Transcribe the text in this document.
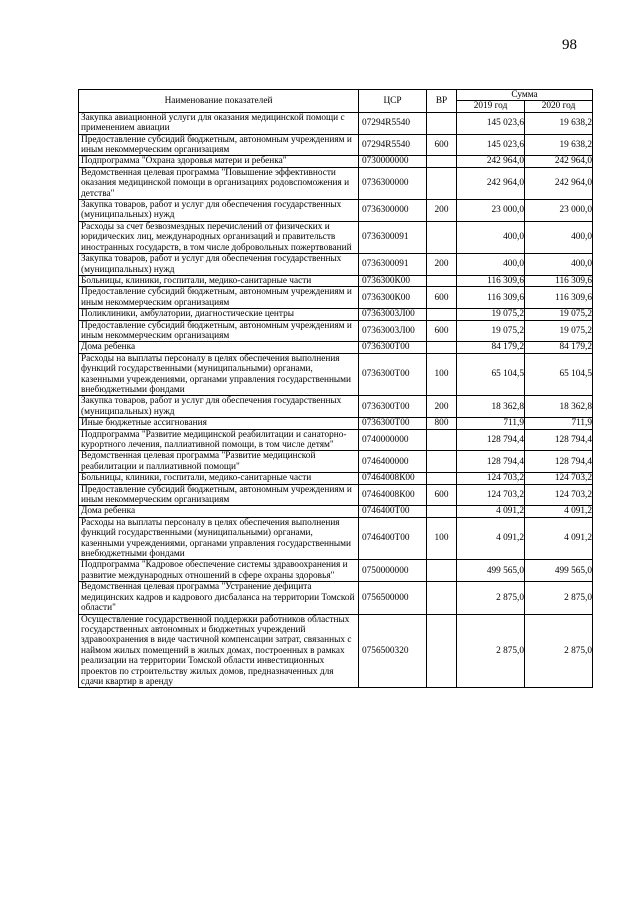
98
Наименование показателей	ЦСР	ВР	Сумма	
			2019 год	2020 год
Закупка авиационной услуги для оказания медицинской помощи с применением авиации	07294R5540		145 023,6	19 638,2
Предоставление субсидий бюджетным, автономным учреждениям и иным некоммерческим организациям	07294R5540	600	145 023,6	19 638,2
Подпрограмма "Охрана здоровья матери и ребенка"	0730000000		242 964,0	242 964,0
Ведомственная целевая программа "Повышение эффективности оказания медицинской помощи в организациях родовспоможения и детства"	0736300000		242 964,0	242 964,0
Закупка товаров, работ и услуг для обеспечения государственных (муниципальных) нужд	0736300000	200	23 000,0	23 000,0
Расходы за счет безвозмездных перечислений от физических и юридических лиц, международных организаций и правительств иностранных государств, в том числе добровольных пожертвований	0736300091		400,0	400,0
Закупка товаров, работ и услуг для обеспечения государственных (муниципальных) нужд	0736300091	200	400,0	400,0
Больницы, клиники, госпитали, медико-санитарные части	0736300К00		116 309,6	116 309,6
Предоставление субсидий бюджетным, автономным учреждениям и иным некоммерческим организациям	0736300К00	600	116 309,6	116 309,6
Поликлиники, амбулатории, диагностические центры	07363003Л00		19 075,2	19 075,2
Предоставление субсидий бюджетным, автономным учреждениям и иным некоммерческим организациям	07363003Л00	600	19 075,2	19 075,2
Дома ребенка	0736300Т00		84 179,2	84 179,2
Расходы на выплаты персоналу в целях обеспечения выполнения функций государственными (муниципальными) органами, казенными учреждениями, органами управления государственными внебюджетными фондами	0736300Т00	100	65 104,5	65 104,5
Закупка товаров, работ и услуг для обеспечения государственных (муниципальных) нужд	0736300Т00	200	18 362,8	18 362,8
Иные бюджетные ассигнования	0736300Т00	800	711,9	711,9
Подпрограмма "Развитие медицинской реабилитации и санаторно-курортного лечения, паллиативной помощи, в том числе детям"	0740000000		128 794,4	128 794,4
Ведомственная целевая программа "Развитие медицинской реабилитации и паллиативной помощи"	0746400000		128 794,4	128 794,4
Больницы, клиники, госпитали, медико-санитарные части	07464008К00		124 703,2	124 703,2
Предоставление субсидий бюджетным, автономным учреждениям и иным некоммерческим организациям	07464008К00	600	124 703,2	124 703,2
Дома ребенка	0746400Т00		4 091,2	4 091,2
Расходы на выплаты персоналу в целях обеспечения выполнения функций государственными (муниципальными) органами, казенными учреждениями, органами управления государственными внебюджетными фондами	0746400Т00	100	4 091,2	4 091,2
Подпрограмма "Кадровое обеспечение системы здравоохранения и развитие международных отношений в сфере охраны здоровья"	0750000000		499 565,0	499 565,0
Ведомственная целевая программа "Устранение дефицита медицинских кадров и кадрового дисбаланса на территории Томской области"	0756500000		2 875,0	2 875,0
Осуществление государственной поддержки работников областных государственных автономных и бюджетных учреждений здравоохранения в виде частичной компенсации затрат, связанных с наймом жилых помещений в жилых домах, построенных в рамках реализации на территории Томской области инвестиционных проектов по строительству жилых домов, предназначенных для сдачи квартир в аренду	0756500320		2 875,0	2 875,0
